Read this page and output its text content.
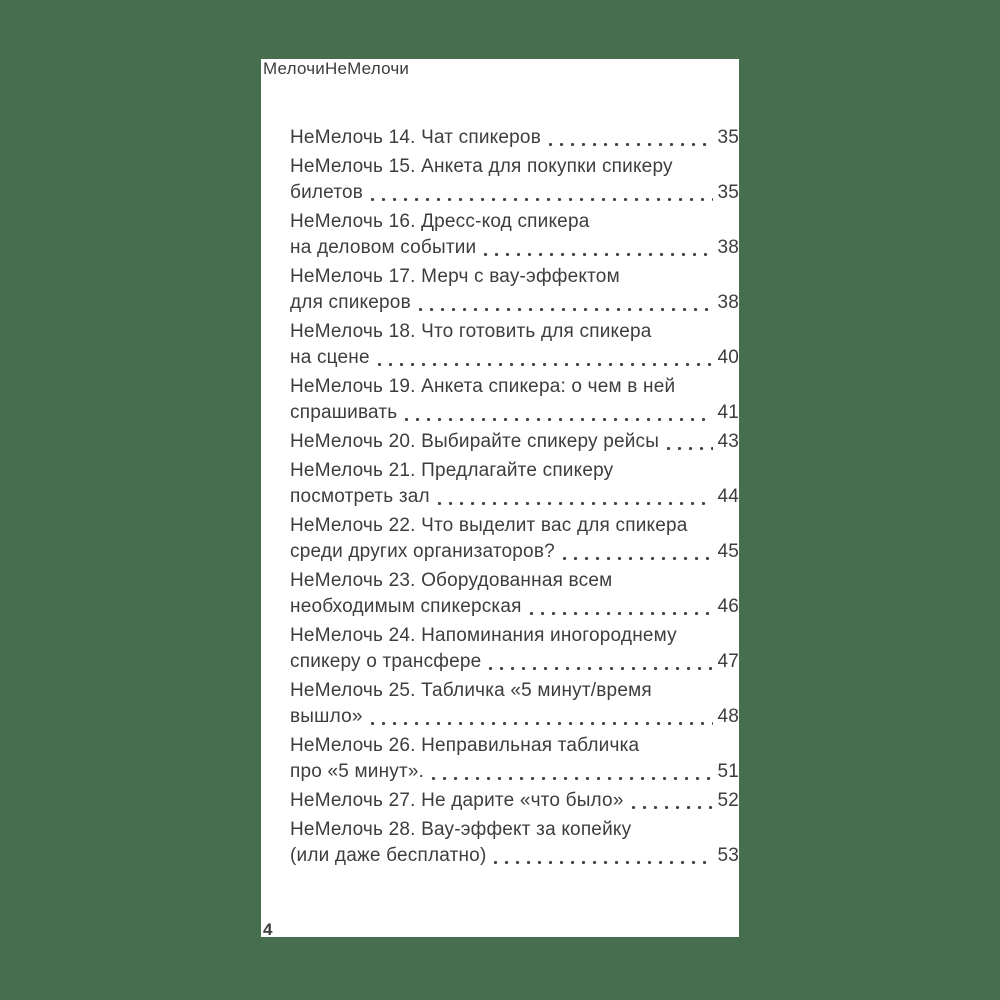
МелочиНеМелочи
НеМелочь 14. Чат спикеров	35
НеМелочь 15. Анкета для покупки спикеру
билетов	35
НеМелочь 16. Дресс-код спикера
на деловом событии	38
НеМелочь 17. Мерч с вау-эффектом
для спикеров	38
НеМелочь 18. Что готовить для спикера
на сцене	40
НеМелочь 19. Анкета спикера: о чем в ней
спрашивать	41
НеМелочь 20. Выбирайте спикеру рейсы	43
НеМелочь 21. Предлагайте спикеру
посмотреть зал	44
НеМелочь 22. Что выделит вас для спикера
среди других организаторов?	45
НеМелочь 23. Оборудованная всем
необходимым спикерская	46
НеМелочь 24. Напоминания иногороднему
спикеру о трансфере	47
НеМелочь 25. Табличка «5 минут/время
вышло»	48
НеМелочь 26. Неправильная табличка
про «5 минут».	51
НеМелочь 27. Не дарите «что было»	52
НеМелочь 28. Вау-эффект за копейку
(или даже бесплатно)	53
4
